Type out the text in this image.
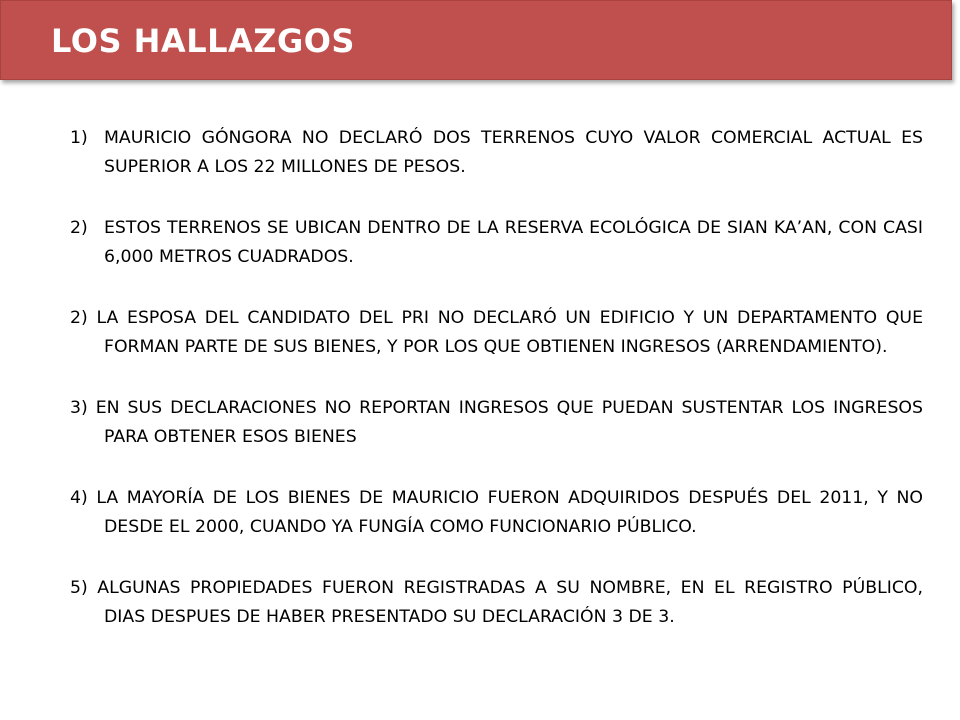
LOS HALLAZGOS
1) MAURICIO GÓNGORA NO DECLARÓ DOS TERRENOS CUYO VALOR COMERCIAL ACTUAL ES SUPERIOR A LOS 22 MILLONES DE PESOS.
2) ESTOS TERRENOS SE UBICAN DENTRO DE LA RESERVA ECOLÓGICA DE SIAN KA’AN, CON CASI 6,000 METROS CUADRADOS.
2) LA ESPOSA DEL CANDIDATO DEL PRI NO DECLARÓ UN EDIFICIO Y UN DEPARTAMENTO QUE FORMAN PARTE DE SUS BIENES, Y POR LOS QUE OBTIENEN INGRESOS (ARRENDAMIENTO).
3) EN SUS DECLARACIONES NO REPORTAN INGRESOS QUE PUEDAN SUSTENTAR LOS INGRESOS PARA OBTENER ESOS BIENES
4) LA MAYORÍA DE LOS BIENES DE MAURICIO FUERON ADQUIRIDOS DESPUÉS DEL 2011, Y NO DESDE EL 2000, CUANDO YA FUNGÍA COMO FUNCIONARIO PÚBLICO.
5) ALGUNAS PROPIEDADES FUERON REGISTRADAS A SU NOMBRE, EN EL REGISTRO PÚBLICO, DIAS DESPUES DE HABER PRESENTADO SU DECLARACIÓN 3 DE 3.
